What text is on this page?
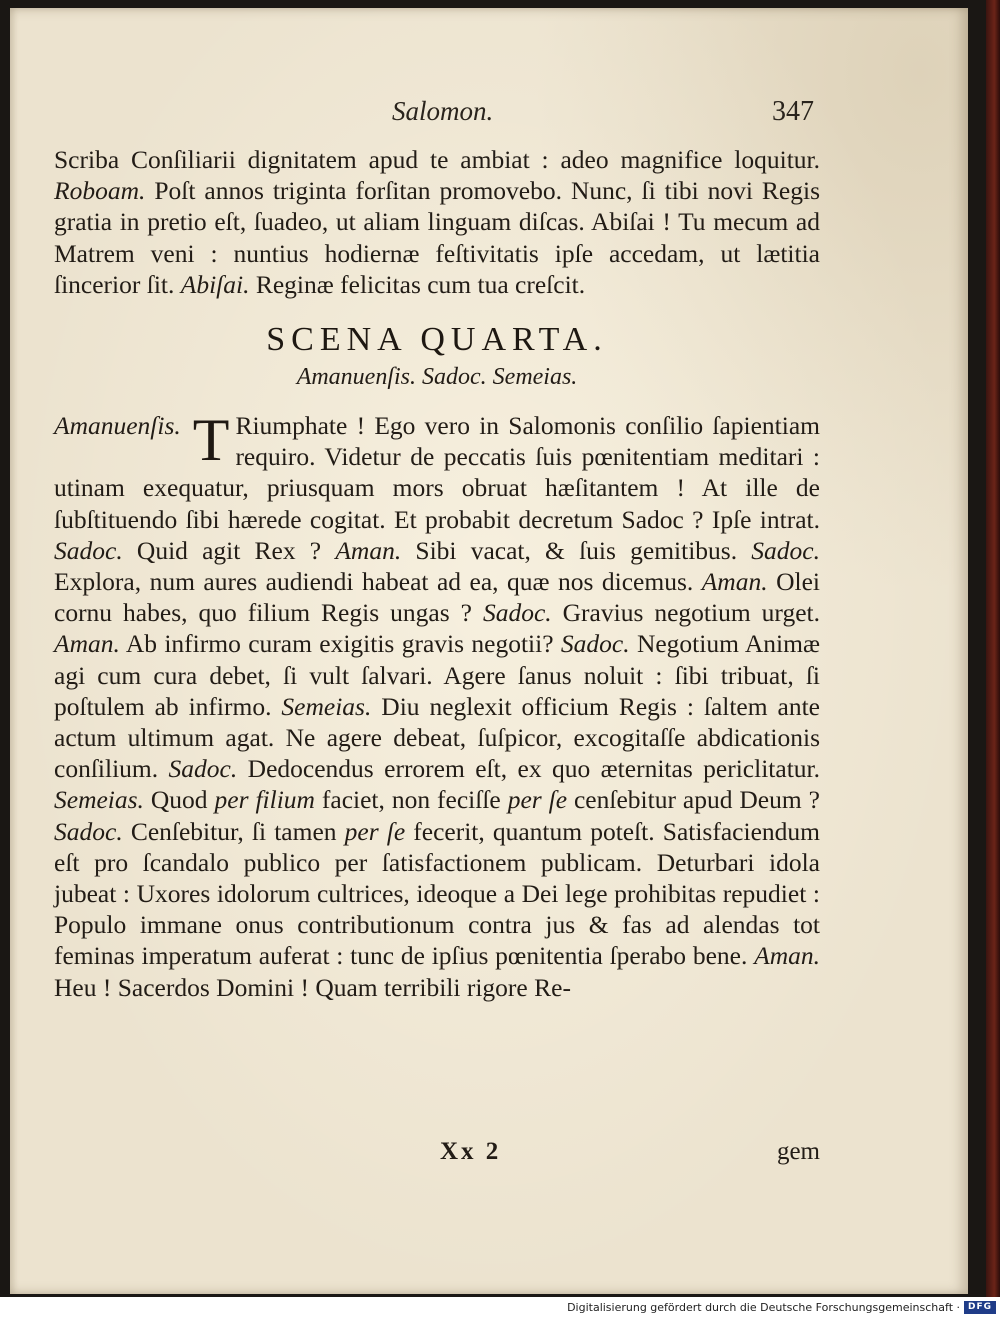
Salomon.	347

Scriba Conſiliarii dignitatem apud te ambiat : adeo magnifice loquitur. Roboam. Poſt annos triginta forſitan promovebo. Nunc, ſi tibi novi Regis gratia in pretio eſt, ſuadeo, ut aliam linguam diſcas. Abiſai ! Tu mecum ad Matrem veni : nuntius hodiernæ feſtivitatis ipſe accedam, ut lætitia ſincerior ſit. Abiſai. Reginæ felicitas cum tua creſcit.

SCENA QUARTA.
Amanuenſis. Sadoc. Semeias.

Amanuenſis. T Riumphate ! Ego vero in Salomonis conſilio ſapientiam requiro. Videtur de peccatis ſuis pœnitentiam meditari : utinam exequatur, priusquam mors obruat hæſitantem ! At ille de ſubſtituendo ſibi hærede cogitat. Et probabit decretum Sadoc ? Ipſe intrat. Sadoc. Quid agit Rex ? Aman. Sibi vacat, & ſuis gemitibus. Sadoc. Explora, num aures audiendi habeat ad ea, quæ nos dicemus. Aman. Olei cornu habes, quo filium Regis ungas ? Sadoc. Gravius negotium urget. Aman. Ab infirmo curam exigitis gravis negotii? Sadoc. Negotium Animæ agi cum cura debet, ſi vult ſalvari. Agere ſanus noluit : ſibi tribuat, ſi poſtulem ab infirmo. Semeias. Diu neglexit officium Regis : ſaltem ante actum ultimum agat. Ne agere debeat, ſuſpicor, excogitaſſe abdicationis conſilium. Sadoc. Dedocendus errorem eſt, ex quo æternitas periclitatur. Semeias. Quod per filium faciet, non feciſſe per ſe cenſebitur apud Deum ? Sadoc. Cenſebitur, ſi tamen per ſe fecerit, quantum poteſt. Satisfaciendum eſt pro ſcandalo publico per ſatisfactionem publicam. Deturbari idola jubeat : Uxores idolorum cultrices, ideoque a Dei lege prohibitas repudiet : Populo immane onus contributionum contra jus & fas ad alendas tot feminas imperatum auferat : tunc de ipſius pœnitentia ſperabo bene. Aman. Heu ! Sacerdos Domini ! Quam terribili rigore Re-

Xx 2	gem
Digitalisierung gefördert durch die Deutsche Forschungsgemeinschaft · DFG
